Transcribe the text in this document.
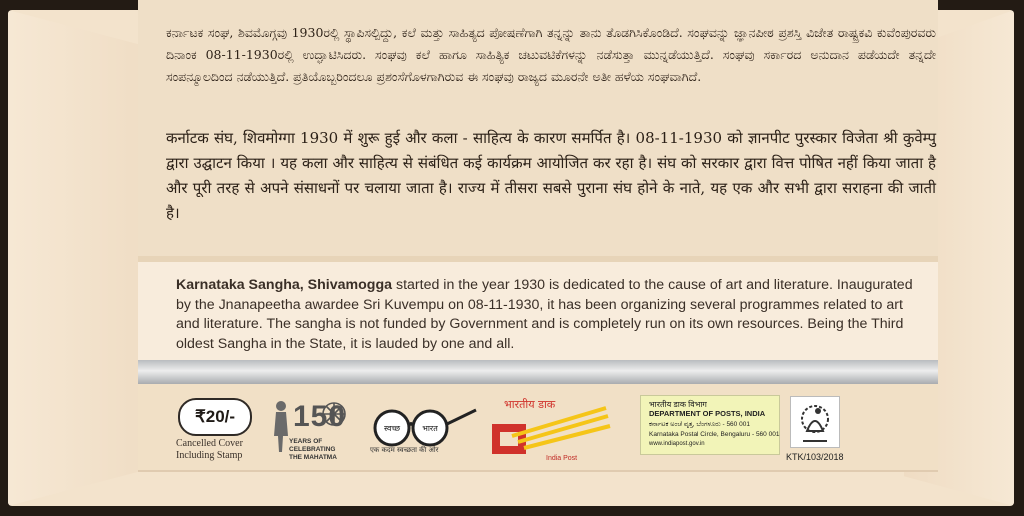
ಕರ್ನಾಟಕ ಸಂಘ, ಶಿವಮೊಗ್ಗವು 1930ರಲ್ಲಿ ಸ್ಥಾಪಿಸಲ್ಪಿದ್ದು, ಕಲೆ ಮತ್ತು ಸಾಹಿತ್ಯದ ಪೋಷಣೆಗಾಗಿ ತನ್ನನ್ನು ತಾನು ತೊಡಗಿಸಿಕೊಂಡಿದೆ. ಸಂಘವನ್ನು ಜ್ಞಾನಪೀಠ ಪ್ರಶಸ್ತಿ ವಿಜೇತ ರಾಷ್ಟ್ರಕವಿ ಕುವೆಂಪುರವರು ದಿನಾಂಕ 08-11-1930ರಲ್ಲಿ ಉದ್ಘಾಟಿಸಿದರು. ಸಂಘವು ಕಲೆ ಹಾಗೂ ಸಾಹಿತ್ಯಿಕ ಚಟುವಟಿಕೆಗಳನ್ನು ನಡೆಸುತ್ತಾ ಮುನ್ನಡೆಯುತ್ತಿದೆ. ಸಂಘವು ಸರ್ಕಾರದ ಅನುದಾನ ಪಡೆಯದೇ ತನ್ನದೇ ಸಂಪನ್ಮೂಲದಿಂದ ನಡೆಯುತ್ತಿದೆ. ಪ್ರತಿಯೊಬ್ಬರಿಂದಲೂ ಪ್ರಶಂಸೆಗೊಳಗಾಗಿರುವ ಈ ಸಂಘವು ರಾಜ್ಯದ ಮೂರನೇ ಅತೀ ಹಳೆಯ ಸಂಘವಾಗಿದೆ.
कर्नाटक संघ, शिवमोग्गा 1930 में शुरू हुई और कला - साहित्य के कारण समर्पित है। 08-11-1930 को ज्ञानपीट पुरस्कार विजेता श्री कुवेम्पु द्वारा उद्घाटन किया । यह कला और साहित्य से संबंधित कई कार्यक्रम आयोजित कर रहा है। संघ को सरकार द्वारा वित्त पोषित नहीं किया जाता है और पूरी तरह से अपने संसाधनों पर चलाया जाता है। राज्य में तीसरा सबसे पुराना संघ होने के नाते, यह एक और सभी द्वारा सराहना की जाती है।
Karnataka Sangha, Shivamogga started in the year 1930 is dedicated to the cause of art and literature. Inaugurated by the Jnanapeetha awardee Sri Kuvempu on 08-11-1930, it has been organizing several programmes related to art and literature. The sangha is not funded by Government and is completely run on its own resources. Being the Third oldest Sangha in the State, it is lauded by one and all.
₹20/-
Cancelled Cover
Including Stamp
150
YEARS OF
CELEBRATING
THE MAHATMA
स्वच्छ	भारत
एक कदम स्वच्छता की ओर
भारतीय डाक
India Post
भारतीय डाक विभाग
DEPARTMENT OF POSTS, INDIA
ಕರ್ನಾಟಕ ಅಂಚೆ ವೃತ್ತ, ಬೆಂಗಳೂರು - 560 001
Karnataka Postal Circle, Bengaluru - 560 001
www.indiapost.gov.in
KTK/103/2018
